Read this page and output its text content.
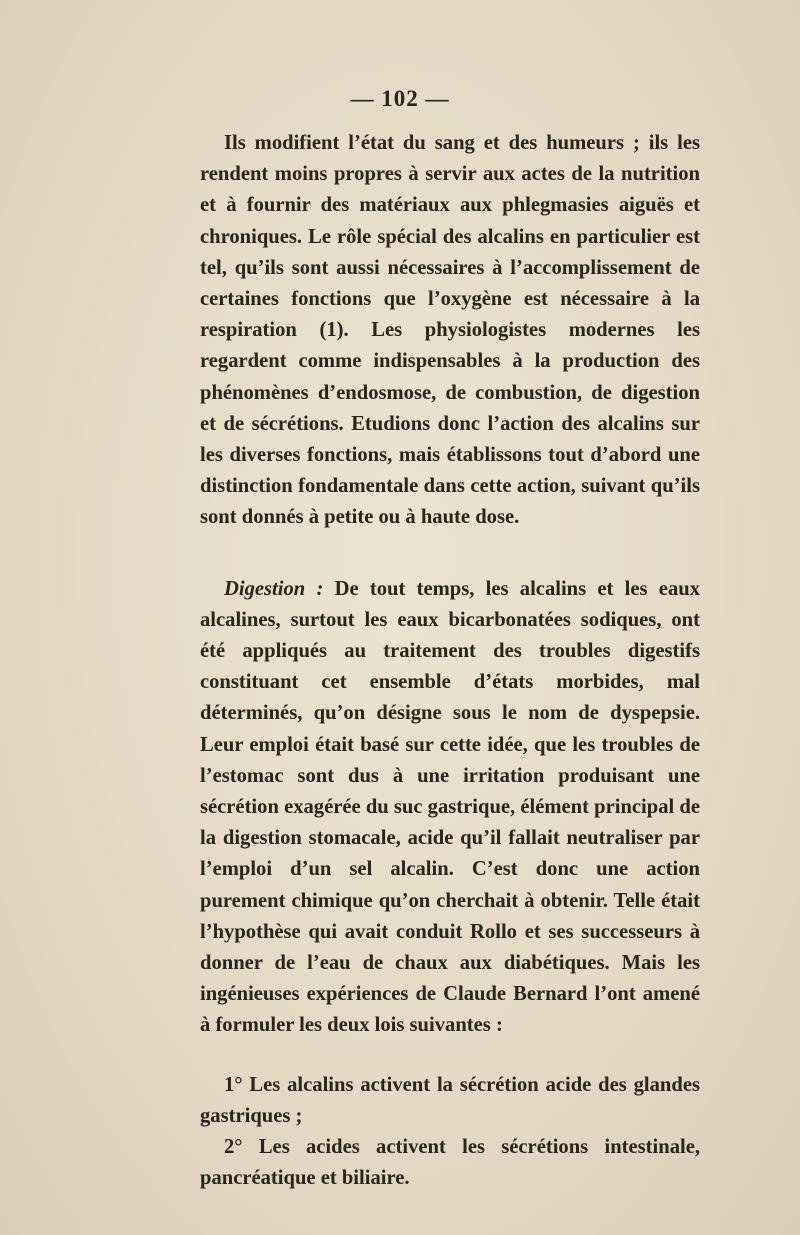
— 102 —

Ils modifient l’état du sang et des humeurs ; ils les rendent moins propres à servir aux actes de la nutrition et à fournir des matériaux aux phlegmasies aiguës et chroniques. Le rôle spécial des alcalins en particulier est tel, qu’ils sont aussi nécessaires à l’accomplissement de certaines fonctions que l’oxygène est nécessaire à la respiration (1). Les physiologistes modernes les regardent comme indispensables à la production des phénomènes d’endosmose, de combustion, de digestion et de sécrétions. Etudions donc l’action des alcalins sur les diverses fonctions, mais établissons tout d’abord une distinction fondamentale dans cette action, suivant qu’ils sont donnés à petite ou à haute dose.

Digestion : De tout temps, les alcalins et les eaux alcalines, surtout les eaux bicarbonatées sodiques, ont été appliqués au traitement des troubles digestifs constituant cet ensemble d’états morbides, mal déterminés, qu’on désigne sous le nom de dyspepsie. Leur emploi était basé sur cette idée, que les troubles de l’estomac sont dus à une irritation produisant une sécrétion exagérée du suc gastrique, élément principal de la digestion stomacale, acide qu’il fallait neutraliser par l’emploi d’un sel alcalin. C’est donc une action purement chimique qu’on cherchait à obtenir. Telle était l’hypothèse qui avait conduit Rollo et ses successeurs à donner de l’eau de chaux aux diabétiques. Mais les ingénieuses expériences de Claude Bernard l’ont amené à formuler les deux lois suivantes :

1° Les alcalins activent la sécrétion acide des glandes gastriques ;

2° Les acides activent les sécrétions intestinale, pancréatique et biliaire.
